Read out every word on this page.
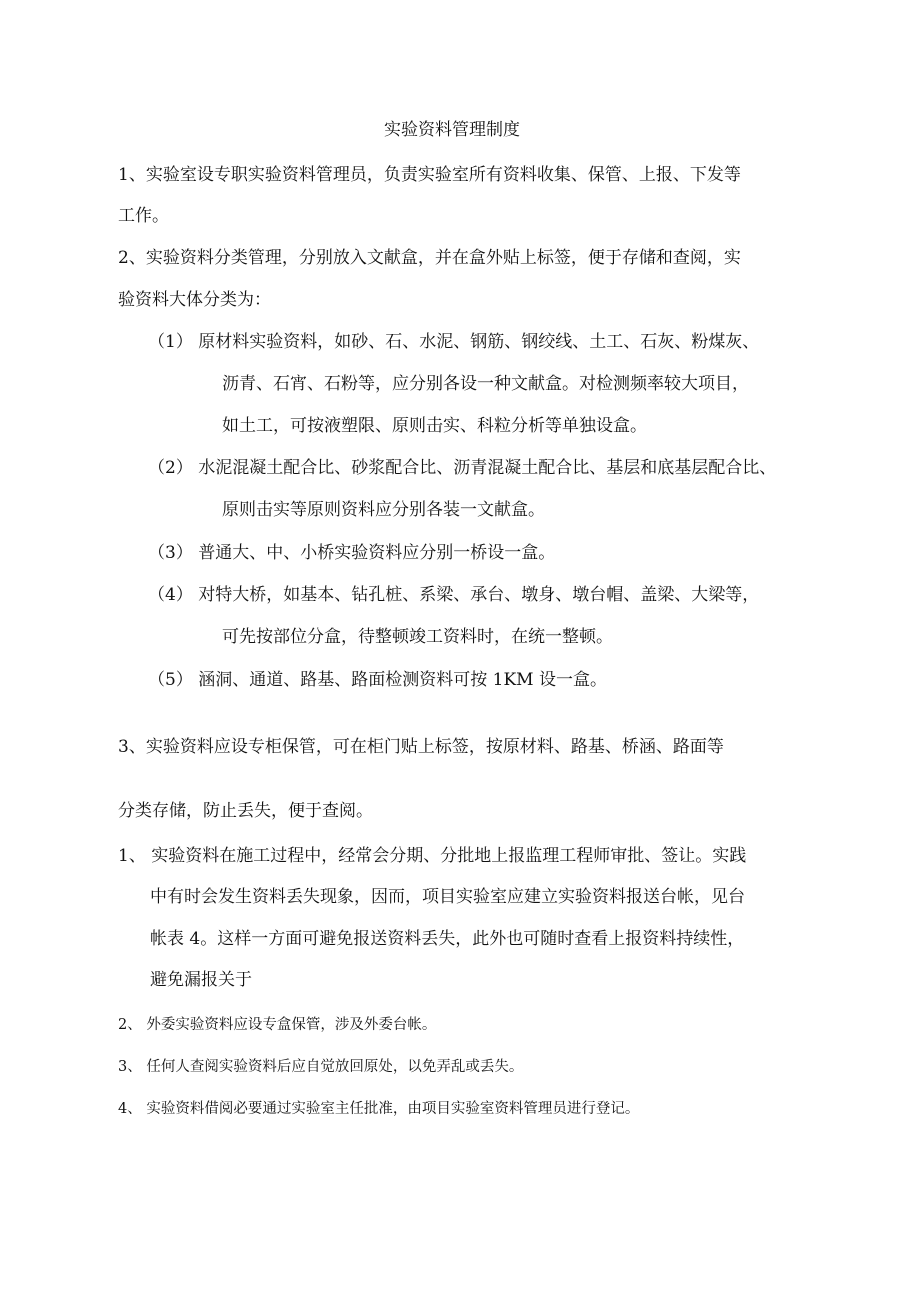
实验资料管理制度
1、实验室设专职实验资料管理员，负责实验室所有资料收集、保管、上报、下发等
工作。
2、实验资料分类管理，分别放入文献盒，并在盒外贴上标签，便于存储和查阅，实
验资料大体分类为：
（1） 原材料实验资料，如砂、石、水泥、钢筋、钢绞线、土工、石灰、粉煤灰、
沥青、石宵、石粉等，应分别各设一种文献盒。对检测频率较大项目，
如土工，可按液塑限、原则击实、科粒分析等单独设盒。
（2） 水泥混凝土配合比、砂浆配合比、沥青混凝土配合比、基层和底基层配合比、
原则击实等原则资料应分别各装一文献盒。
（3） 普通大、中、小桥实验资料应分别一桥设一盒。
（4） 对特大桥，如基本、钻孔桩、系梁、承台、墩身、墩台帽、盖梁、大梁等，
可先按部位分盒，待整顿竣工资料时，在统一整顿。
（5） 涵洞、通道、路基、路面检测资料可按 1KM 设一盒。
3、实验资料应设专柜保管，可在柜门贴上标签，按原材料、路基、桥涵、路面等
分类存储，防止丢失，便于查阅。
1、 实验资料在施工过程中，经常会分期、分批地上报监理工程师审批、签让。实践
中有时会发生资料丢失现象，因而，项目实验室应建立实验资料报送台帐，见台
帐表 4。这样一方面可避免报送资料丢失，此外也可随时查看上报资料持续性，
避免漏报关于
2、 外委实验资料应设专盒保管，涉及外委台帐。
3、 任何人查阅实验资料后应自觉放回原处，以免弄乱或丢失。
4、 实验资料借阅必要通过实验室主任批准，由项目实验室资料管理员进行登记。
